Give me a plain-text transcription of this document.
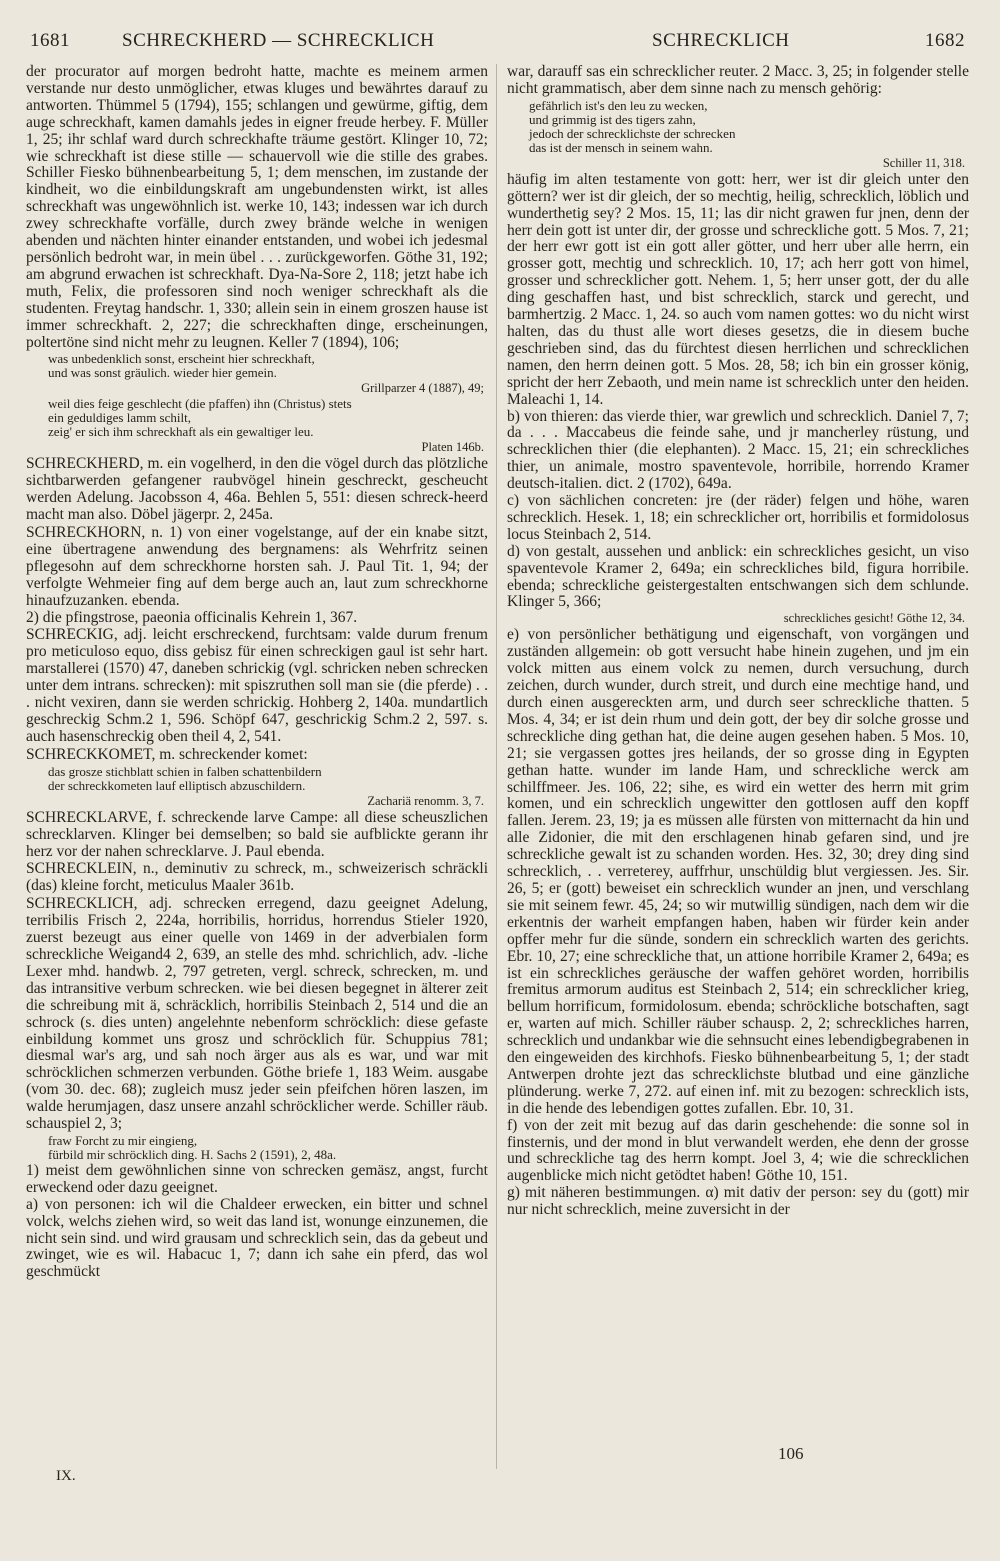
1681	SCHRECKHERD — SCHRECKLICH	SCHRECKLICH	1682

der procurator auf morgen bedroht hatte, machte es meinem armen verstande nur desto unmöglicher, etwas kluges und bewährtes darauf zu antworten. Thümmel 5 (1794), 155; schlangen und gewürme, giftig, dem auge schreckhaft, kamen damahls jedes in eigner freude herbey. F. Müller 1, 25; ihr schlaf ward durch schreckhafte träume gestört. Klinger 10, 72; wie schreckhaft ist diese stille — schauervoll wie die stille des grabes. Schiller Fiesko bühnenbearbeitung 5, 1; dem menschen, im zustande der kindheit, wo die einbildungskraft am ungebundensten wirkt, ist alles schreckhaft was ungewöhnlich ist. werke 10, 143; indessen war ich durch zwey schreckhafte vorfälle, durch zwey brände welche in wenigen abenden und nächten hinter einander entstanden, und wobei ich jedesmal persönlich bedroht war, in mein übel . . . zurückgeworfen. Göthe 31, 192; am abgrund erwachen ist schreckhaft. Dya-Na-Sore 2, 118; jetzt habe ich muth, Felix, die professoren sind noch weniger schreckhaft als die studenten. Freytag handschr. 1, 330; allein sein in einem groszen hause ist immer schreckhaft. 2, 227; die schreckhaften dinge, erscheinungen, poltertöne sind nicht mehr zu leugnen. Keller 7 (1894), 106;

was unbedenklich sonst, erscheint hier schreckhaft,
und was sonst gräulich. wieder hier gemein.

Grillparzer 4 (1887), 49;

weil dies feige geschlecht (die pfaffen) ihn (Christus) stets
ein geduldiges lamm schilt,
zeig' er sich ihm schreckhaft als ein gewaltiger leu.

Platen 146b.

SCHRECKHERD, m. ein vogelherd, in den die vögel durch das plötzliche sichtbarwerden gefangener raubvögel hinein geschreckt, gescheucht werden Adelung. Jacobsson 4, 46a. Behlen 5, 551: diesen schreck-heerd macht man also. Döbel jägerpr. 2, 245a.

SCHRECKHORN, n. 1) von einer vogelstange, auf der ein knabe sitzt, eine übertragene anwendung des bergnamens: als Wehrfritz seinen pflegesohn auf dem schreckhorne horsten sah. J. Paul Tit. 1, 94; der verfolgte Wehmeier fing auf dem berge auch an, laut zum schreckhorne hinaufzuzanken. ebenda.

2) die pfingstrose, paeonia officinalis Kehrein 1, 367.

SCHRECKIG, adj. leicht erschreckend, furchtsam: valde durum frenum pro meticuloso equo, diss gebisz für einen schreckigen gaul ist sehr hart. marstallerei (1570) 47, daneben schrickig (vgl. schricken neben schrecken unter dem intrans. schrecken): mit spiszruthen soll man sie (die pferde) . . . nicht vexiren, dann sie werden schrickig. Hohberg 2, 140a. mundartlich geschreckig Schm.2 1, 596. Schöpf 647, geschrickig Schm.2 2, 597. s. auch hasenschreckig oben theil 4, 2, 541.

SCHRECKKOMET, m. schreckender komet:

das grosze stichblatt schien in falben schattenbildern
der schreckkometen lauf elliptisch abzuschildern.

Zachariä renomm. 3, 7.

SCHRECKLARVE, f. schreckende larve Campe: all diese scheuszlichen schrecklarven. Klinger bei demselben; so bald sie aufblickte gerann ihr herz vor der nahen schrecklarve. J. Paul ebenda.

SCHRECKLEIN, n., deminutiv zu schreck, m., schweizerisch schräckli (das) kleine forcht, meticulus Maaler 361b.

SCHRECKLICH, adj. schrecken erregend, dazu geeignet Adelung, terribilis Frisch 2, 224a, horribilis, horridus, horrendus Stieler 1920, zuerst bezeugt aus einer quelle von 1469 in der adverbialen form schreckliche Weigand4 2, 639, an stelle des mhd. schrichlich, adv. -liche Lexer mhd. handwb. 2, 797 getreten, vergl. schreck, schrecken, m. und das intransitive verbum schrecken. wie bei diesen begegnet in älterer zeit die schreibung mit ä, schräcklich, horribilis Steinbach 2, 514 und die an schrock (s. dies unten) angelehnte nebenform schröcklich: diese gefaste einbildung kommet uns grosz und schröcklich für. Schuppius 781; diesmal war's arg, und sah noch ärger aus als es war, und war mit schröcklichen schmerzen verbunden. Göthe briefe 1, 183 Weim. ausgabe (vom 30. dec. 68); zugleich musz jeder sein pfeifchen hören laszen, im walde herumjagen, dasz unsere anzahl schröcklicher werde. Schiller räub. schauspiel 2, 3;

fraw Forcht zu mir eingieng,
fürbild mir schröcklich ding. H. Sachs 2 (1591), 2, 48a.

1) meist dem gewöhnlichen sinne von schrecken gemäsz, angst, furcht erweckend oder dazu geeignet.

a) von personen: ich wil die Chaldeer erwecken, ein bitter und schnel volck, welchs ziehen wird, so weit das land ist, wonunge einzunemen, die nicht sein sind. und wird grausam und schrecklich sein, das da gebeut und zwinget, wie es wil. Habacuc 1, 7; dann ich sahe ein pferd, das wol geschmückt

war, darauff sas ein schrecklicher reuter. 2 Macc. 3, 25; in folgender stelle nicht grammatisch, aber dem sinne nach zu mensch gehörig:

gefährlich ist's den leu zu wecken,
und grimmig ist des tigers zahn,
jedoch der schrecklichste der schrecken
das ist der mensch in seinem wahn.

Schiller 11, 318.

häufig im alten testamente von gott: herr, wer ist dir gleich unter den göttern? wer ist dir gleich, der so mechtig, heilig, schrecklich, löblich und wunderthetig sey? 2 Mos. 15, 11; las dir nicht grawen fur jnen, denn der herr dein gott ist unter dir, der grosse und schreckliche gott. 5 Mos. 7, 21; der herr ewr gott ist ein gott aller götter, und herr uber alle herrn, ein grosser gott, mechtig und schrecklich. 10, 17; ach herr gott von himel, grosser und schrecklicher gott. Nehem. 1, 5; herr unser gott, der du alle ding geschaffen hast, und bist schrecklich, starck und gerecht, und barmhertzig. 2 Macc. 1, 24. so auch vom namen gottes: wo du nicht wirst halten, das du thust alle wort dieses gesetzs, die in diesem buche geschrieben sind, das du fürchtest diesen herrlichen und schrecklichen namen, den herrn deinen gott. 5 Mos. 28, 58; ich bin ein grosser könig, spricht der herr Zebaoth, und mein name ist schrecklich unter den heiden. Maleachi 1, 14.

b) von thieren: das vierde thier, war grewlich und schrecklich. Daniel 7, 7; da . . . Maccabeus die feinde sahe, und jr mancherley rüstung, und schrecklichen thier (die elephanten). 2 Macc. 15, 21; ein schreckliches thier, un animale, mostro spaventevole, horribile, horrendo Kramer deutsch-italien. dict. 2 (1702), 649a.

c) von sächlichen concreten: jre (der räder) felgen und höhe, waren schrecklich. Hesek. 1, 18; ein schrecklicher ort, horribilis et formidolosus locus Steinbach 2, 514.

d) von gestalt, aussehen und anblick: ein schreckliches gesicht, un viso spaventevole Kramer 2, 649a; ein schreckliches bild, figura horribile. ebenda; schreckliche geistergestalten entschwangen sich dem schlunde. Klinger 5, 366;

schreckliches gesicht! Göthe 12, 34.

e) von persönlicher bethätigung und eigenschaft, von vorgängen und zuständen allgemein: ob gott versucht habe hinein zugehen, und jm ein volck mitten aus einem volck zu nemen, durch versuchung, durch zeichen, durch wunder, durch streit, und durch eine mechtige hand, und durch einen ausgereckten arm, und durch seer schreckliche thatten. 5 Mos. 4, 34; er ist dein rhum und dein gott, der bey dir solche grosse und schreckliche ding gethan hat, die deine augen gesehen haben. 5 Mos. 10, 21; sie vergassen gottes jres heilands, der so grosse ding in Egypten gethan hatte. wunder im lande Ham, und schreckliche werck am schilffmeer. Jes. 106, 22; sihe, es wird ein wetter des herrn mit grim komen, und ein schrecklich ungewitter den gottlosen auff den kopff fallen. Jerem. 23, 19; ja es müssen alle fürsten von mitternacht da hin und alle Zidonier, die mit den erschlagenen hinab gefaren sind, und jre schreckliche gewalt ist zu schanden worden. Hes. 32, 30; drey ding sind schrecklich, . . verreterey, auffrhur, unschüldig blut vergiessen. Jes. Sir. 26, 5; er (gott) beweiset ein schrecklich wunder an jnen, und verschlang sie mit seinem fewr. 45, 24; so wir mutwillig sündigen, nach dem wir die erkentnis der warheit empfangen haben, haben wir fürder kein ander opffer mehr fur die sünde, sondern ein schrecklich warten des gerichts. Ebr. 10, 27; eine schreckliche that, un attione horribile Kramer 2, 649a; es ist ein schreckliches geräusche der waffen gehöret worden, horribilis fremitus armorum auditus est Steinbach 2, 514; ein schrecklicher krieg, bellum horrificum, formidolosum. ebenda; schröckliche botschaften, sagt er, warten auf mich. Schiller räuber schausp. 2, 2; schreckliches harren, schrecklich und undankbar wie die sehnsucht eines lebendigbegrabenen in den eingeweiden des kirchhofs. Fiesko bühnenbearbeitung 5, 1; der stadt Antwerpen drohte jezt das schrecklichste blutbad und eine gänzliche plünderung. werke 7, 272. auf einen inf. mit zu bezogen: schrecklich ists, in die hende des lebendigen gottes zufallen. Ebr. 10, 31.

f) von der zeit mit bezug auf das darin geschehende: die sonne sol in finsternis, und der mond in blut verwandelt werden, ehe denn der grosse und schreckliche tag des herrn kompt. Joel 3, 4; wie die schrecklichen augenblicke mich nicht getödtet haben! Göthe 10, 151.

g) mit näheren bestimmungen. α) mit dativ der person: sey du (gott) mir nur nicht schrecklich, meine zuversicht in der

IX.
106
